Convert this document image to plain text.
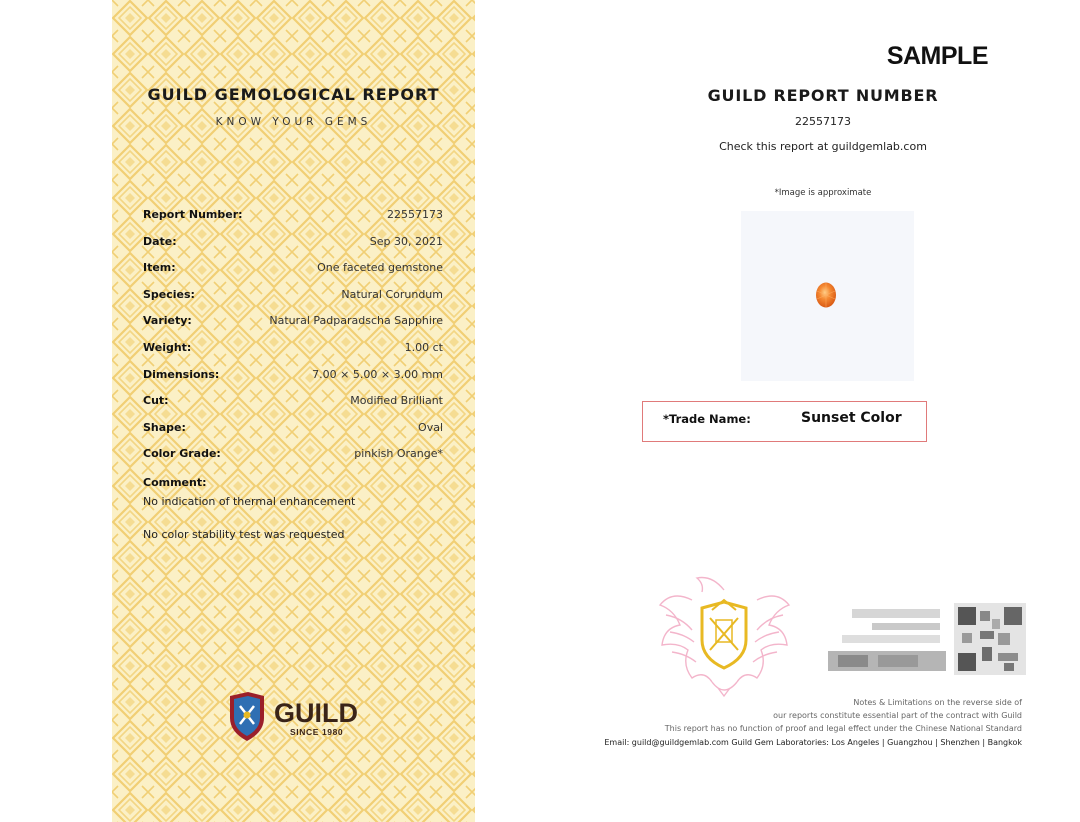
GUILD GEMOLOGICAL REPORT
KNOW YOUR GEMS
Report Number:	22557173
Date:	Sep 30, 2021
Item:	One faceted gemstone
Species:	Natural Corundum
Variety:	Natural Padparadscha Sapphire
Weight:	1.00 ct
Dimensions:	7.00 × 5.00 × 3.00 mm
Cut:	Modified Brilliant
Shape:	Oval
Color Grade:	pinkish Orange*
Comment:
No indication of thermal enhancement
No color stability test was requested
GUILD
SINCE 1980
SAMPLE
GUILD REPORT NUMBER
22557173
Check this report at guildgemlab.com
*Image is approximate
*Trade Name:	Sunset Color
Notes & Limitations on the reverse side of
our reports constitute essential part of the contract with Guild
This report has no function of proof and legal effect under the Chinese National Standard
Email: guild@guildgemlab.com Guild Gem Laboratories: Los Angeles | Guangzhou | Shenzhen | Bangkok
